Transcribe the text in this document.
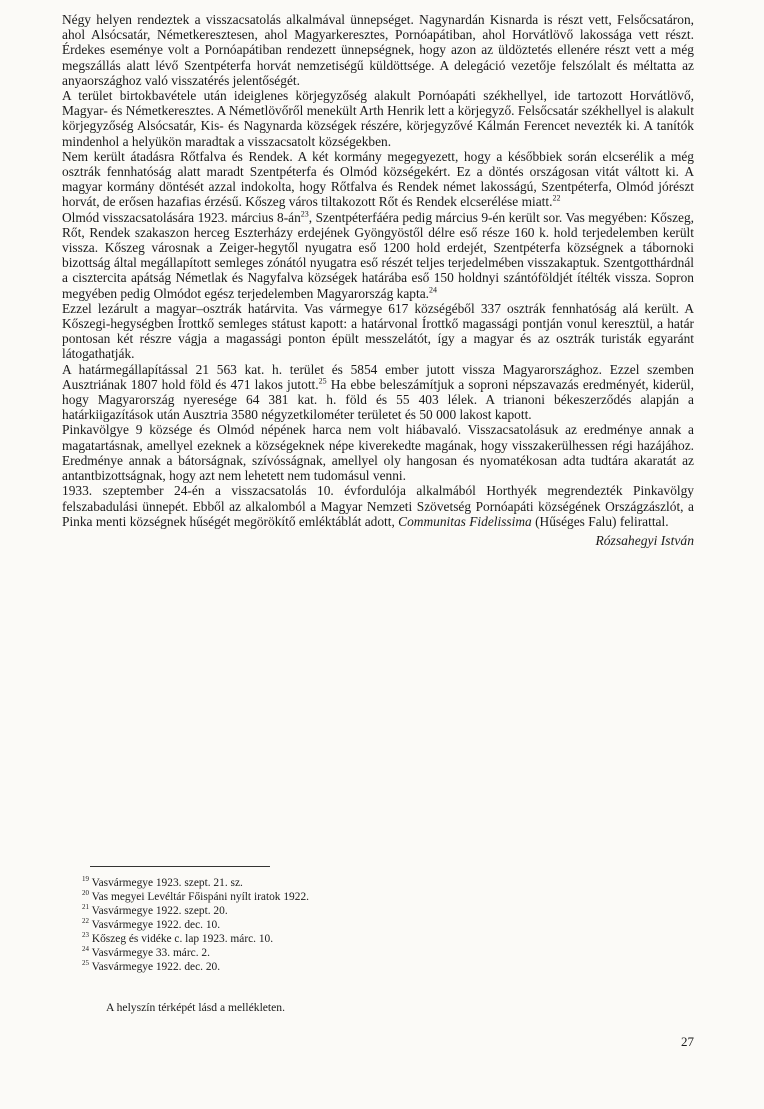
Négy helyen rendeztek a visszacsatolás alkalmával ünnepséget. Nagynardán Kisnarda is részt vett, Felsőcsatáron, ahol Alsócsatár, Németkeresztesen, ahol Magyarkeresztes, Pornóapátiban, ahol Horvátlövő lakossága vett részt. Érdekes eseménye volt a Pornóapátiban rendezett ünnepségnek, hogy azon az üldöztetés ellenére részt vett a még megszállás alatt lévő Szentpéterfa horvát nemzetiségű küldöttsége. A delegáció vezetője felszólalt és méltatta az anyaországhoz való visszatérés jelentőségét.

A terület birtokbavétele után ideiglenes körjegyzőség alakult Pornóapáti székhellyel, ide tartozott Horvátlövő, Magyar- és Németkeresztes. A Németlövőről menekült Arth Henrik lett a körjegyző. Felsőcsatár székhellyel is alakult körjegyzőség Alsócsatár, Kis- és Nagynarda községek részére, körjegyzővé Kálmán Ferencet nevezték ki. A tanítók mindenhol a helyükön maradtak a visszacsatolt községekben.

Nem került átadásra Rőtfalva és Rendek. A két kormány megegyezett, hogy a későbbiek során elcserélik a még osztrák fennhatóság alatt maradt Szentpéterfa és Olmód községekért. Ez a döntés országosan vitát váltott ki. A magyar kormány döntését azzal indokolta, hogy Rőtfalva és Rendek német lakosságú, Szentpéterfa, Olmód jórészt horvát, de erősen hazafias érzésű. Kőszeg város tiltakozott Rőt és Rendek elcserélése miatt.$^{22}$

Olmód visszacsatolására 1923. március $8-án^{23}$, Szentpéterfáéra pedig március 9-én került sor. Vas megyében: Kőszeg, Rőt, Rendek szakaszon herceg Eszterházy erdejének Gyöngyöstől délre eső része 160 k. hold terjedelemben került vissza. Kőszeg városnak a Zeiger-hegytől nyugatra eső 1200 hold erdejét, Szentpéterfa községnek a tábornoki bizottság által megállapított semleges zónától nyugatra eső részét teljes terjedelmében visszakaptuk. Szentgotthárdnál a cisztercita apátság Németlak és Nagyfalva községek határába eső 150 holdnyi szántóföldjét ítélték vissza. Sopron megyében pedig Olmódot egész terjedelemben Magyarország kapta.$^{24}$

Ezzel lezárult a magyar–osztrák határvita. Vas vármegye 617 községéből 337 osztrák fennhatóság alá került. A Kőszegi-hegységben Írottkő semleges státust kapott: a határvonal Írottkő magassági pontján vonul keresztül, a határ pontosan két részre vágja a magassági ponton épült messzelátót, így a magyar és az osztrák turisták egyaránt látogathatják.

A határmegállapítással 21 563 kat. h. terület és 5854 ember jutott vissza Magyarországhoz. Ezzel szemben Ausztriának 1807 hold föld és 471 lakos jutott.$^{25}$ Ha ebbe beleszámítjuk a soproni népszavazás eredményét, kiderül, hogy Magyarország nyeresége 64 381 kat. h. föld és 55 403 lélek. A trianoni békeszerződés alapján a határkiigazítások után Ausztria 3580 négyzetkilométer területet és 50 000 lakost kapott.

Pinkavölgye 9 községe és Olmód népének harca nem volt hiábavaló. Visszacsatolásuk az eredménye annak a magatartásnak, amellyel ezeknek a községeknek népe kiverekedte magának, hogy visszakerülhessen régi hazájához. Eredménye annak a bátorságnak, szívósságnak, amellyel oly hangosan és nyomatékosan adta tudtára akaratát az antantbizottságnak, hogy azt nem lehetett nem tudomásul venni.

1933. szeptember 24-én a visszacsatolás 10. évfordulója alkalmából Horthyék megrendezték Pinkavölgy felszabadulási ünnepét. Ebből az alkalomból a Magyar Nemzeti Szövetség Pornóapáti községének Országzászlót, a Pinka menti községnek hűségét megörökítő emléktáblát adott, Communitas Fidelissima (Hűséges Falu) felirattal.

Rózsahegyi István
$^{19}$ Vasvármegye 1923. szept. 21. sz.
$^{20}$ Vas megyei Levéltár Főispáni nyílt iratok 1922.
$^{21}$ Vasvármegye 1922. szept. 20.
$^{22}$ Vasvármegye 1922. dec. 10.
$^{23}$ Kőszeg és vidéke c. lap 1923. márc. 10.
$^{24}$ Vasvármegye 33. márc. 2.
$^{25}$ Vasvármegye 1922. dec. 20.
A helyszín térképét lásd a mellékleten.
27
